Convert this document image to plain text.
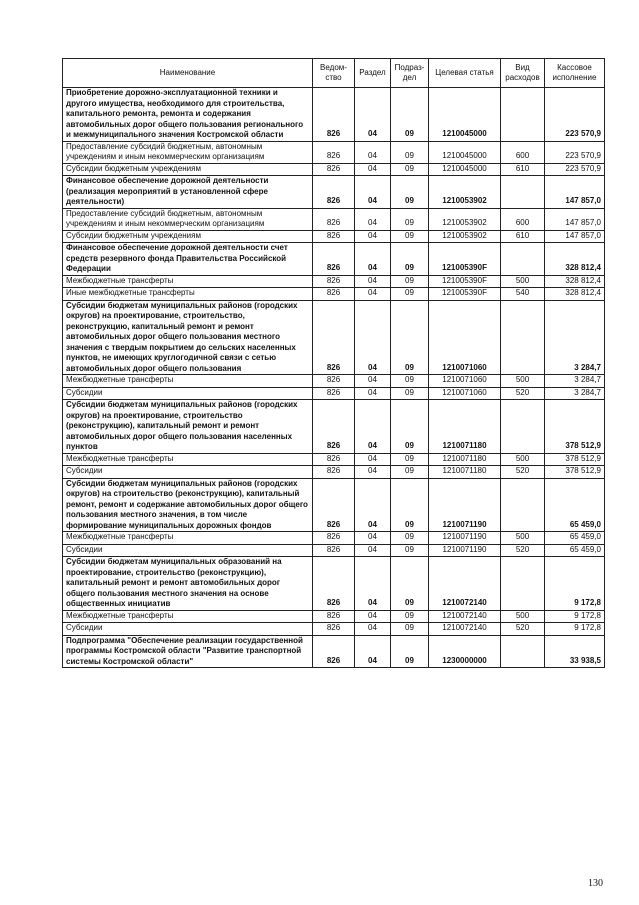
Наименование	Ведом-ство	Раздел	Подраз-дел	Целевая статья	Вид расходов	Кассовое исполнение
Приобретение дорожно-эксплуатационной техники и другого имущества, необходимого для строительства, капитального ремонта, ремонта и содержания автомобильных дорог общего пользования регионального и межмуниципального значения Костромской области	826	04	09	1210045000		223 570,9
Предоставление субсидий бюджетным, автономным учреждениям и иным некоммерческим организациям	826	04	09	1210045000	600	223 570,9
Субсидии бюджетным учреждениям	826	04	09	1210045000	610	223 570,9
Финансовое обеспечение дорожной деятельности (реализация мероприятий в установленной сфере деятельности)	826	04	09	1210053902		147 857,0
Предоставление субсидий бюджетным, автономным учреждениям и иным некоммерческим организациям	826	04	09	1210053902	600	147 857,0
Субсидии бюджетным учреждениям	826	04	09	1210053902	610	147 857,0
Финансовое обеспечение дорожной деятельности счет средств резервного фонда Правительства Российской Федерации	826	04	09	121005390F		328 812,4
Межбюджетные трансферты	826	04	09	121005390F	500	328 812,4
Иные межбюджетные трансферты	826	04	09	121005390F	540	328 812,4
Субсидии бюджетам муниципальных районов (городских округов) на проектирование, строительство, реконструкцию, капитальный ремонт и ремонт автомобильных дорог общего пользования местного значения с твердым покрытием до сельских населенных пунктов, не имеющих круглогодичной связи с сетью автомобильных дорог общего пользования	826	04	09	1210071060		3 284,7
Межбюджетные трансферты	826	04	09	1210071060	500	3 284,7
Субсидии	826	04	09	1210071060	520	3 284,7
Субсидии бюджетам муниципальных районов (городских округов) на проектирование, строительство (реконструкцию), капитальный ремонт и ремонт автомобильных дорог общего пользования населенных пунктов	826	04	09	1210071180		378 512,9
Межбюджетные трансферты	826	04	09	1210071180	500	378 512,9
Субсидии	826	04	09	1210071180	520	378 512,9
Субсидии бюджетам муниципальных районов (городских округов) на строительство (реконструкцию), капитальный ремонт, ремонт и содержание автомобильных дорог общего пользования местного значения, в том числе формирование муниципальных дорожных фондов	826	04	09	1210071190		65 459,0
Межбюджетные трансферты	826	04	09	1210071190	500	65 459,0
Субсидии	826	04	09	1210071190	520	65 459,0
Субсидии бюджетам муниципальных образований на проектирование, строительство (реконструкцию), капитальный ремонт и ремонт автомобильных дорог общего пользования местного значения на основе общественных инициатив	826	04	09	1210072140		9 172,8
Межбюджетные трансферты	826	04	09	1210072140	500	9 172,8
Субсидии	826	04	09	1210072140	520	9 172,8
Подпрограмма "Обеспечение реализации государственной программы Костромской области "Развитие транспортной системы Костромской области"	826	04	09	1230000000		33 938,5
130
